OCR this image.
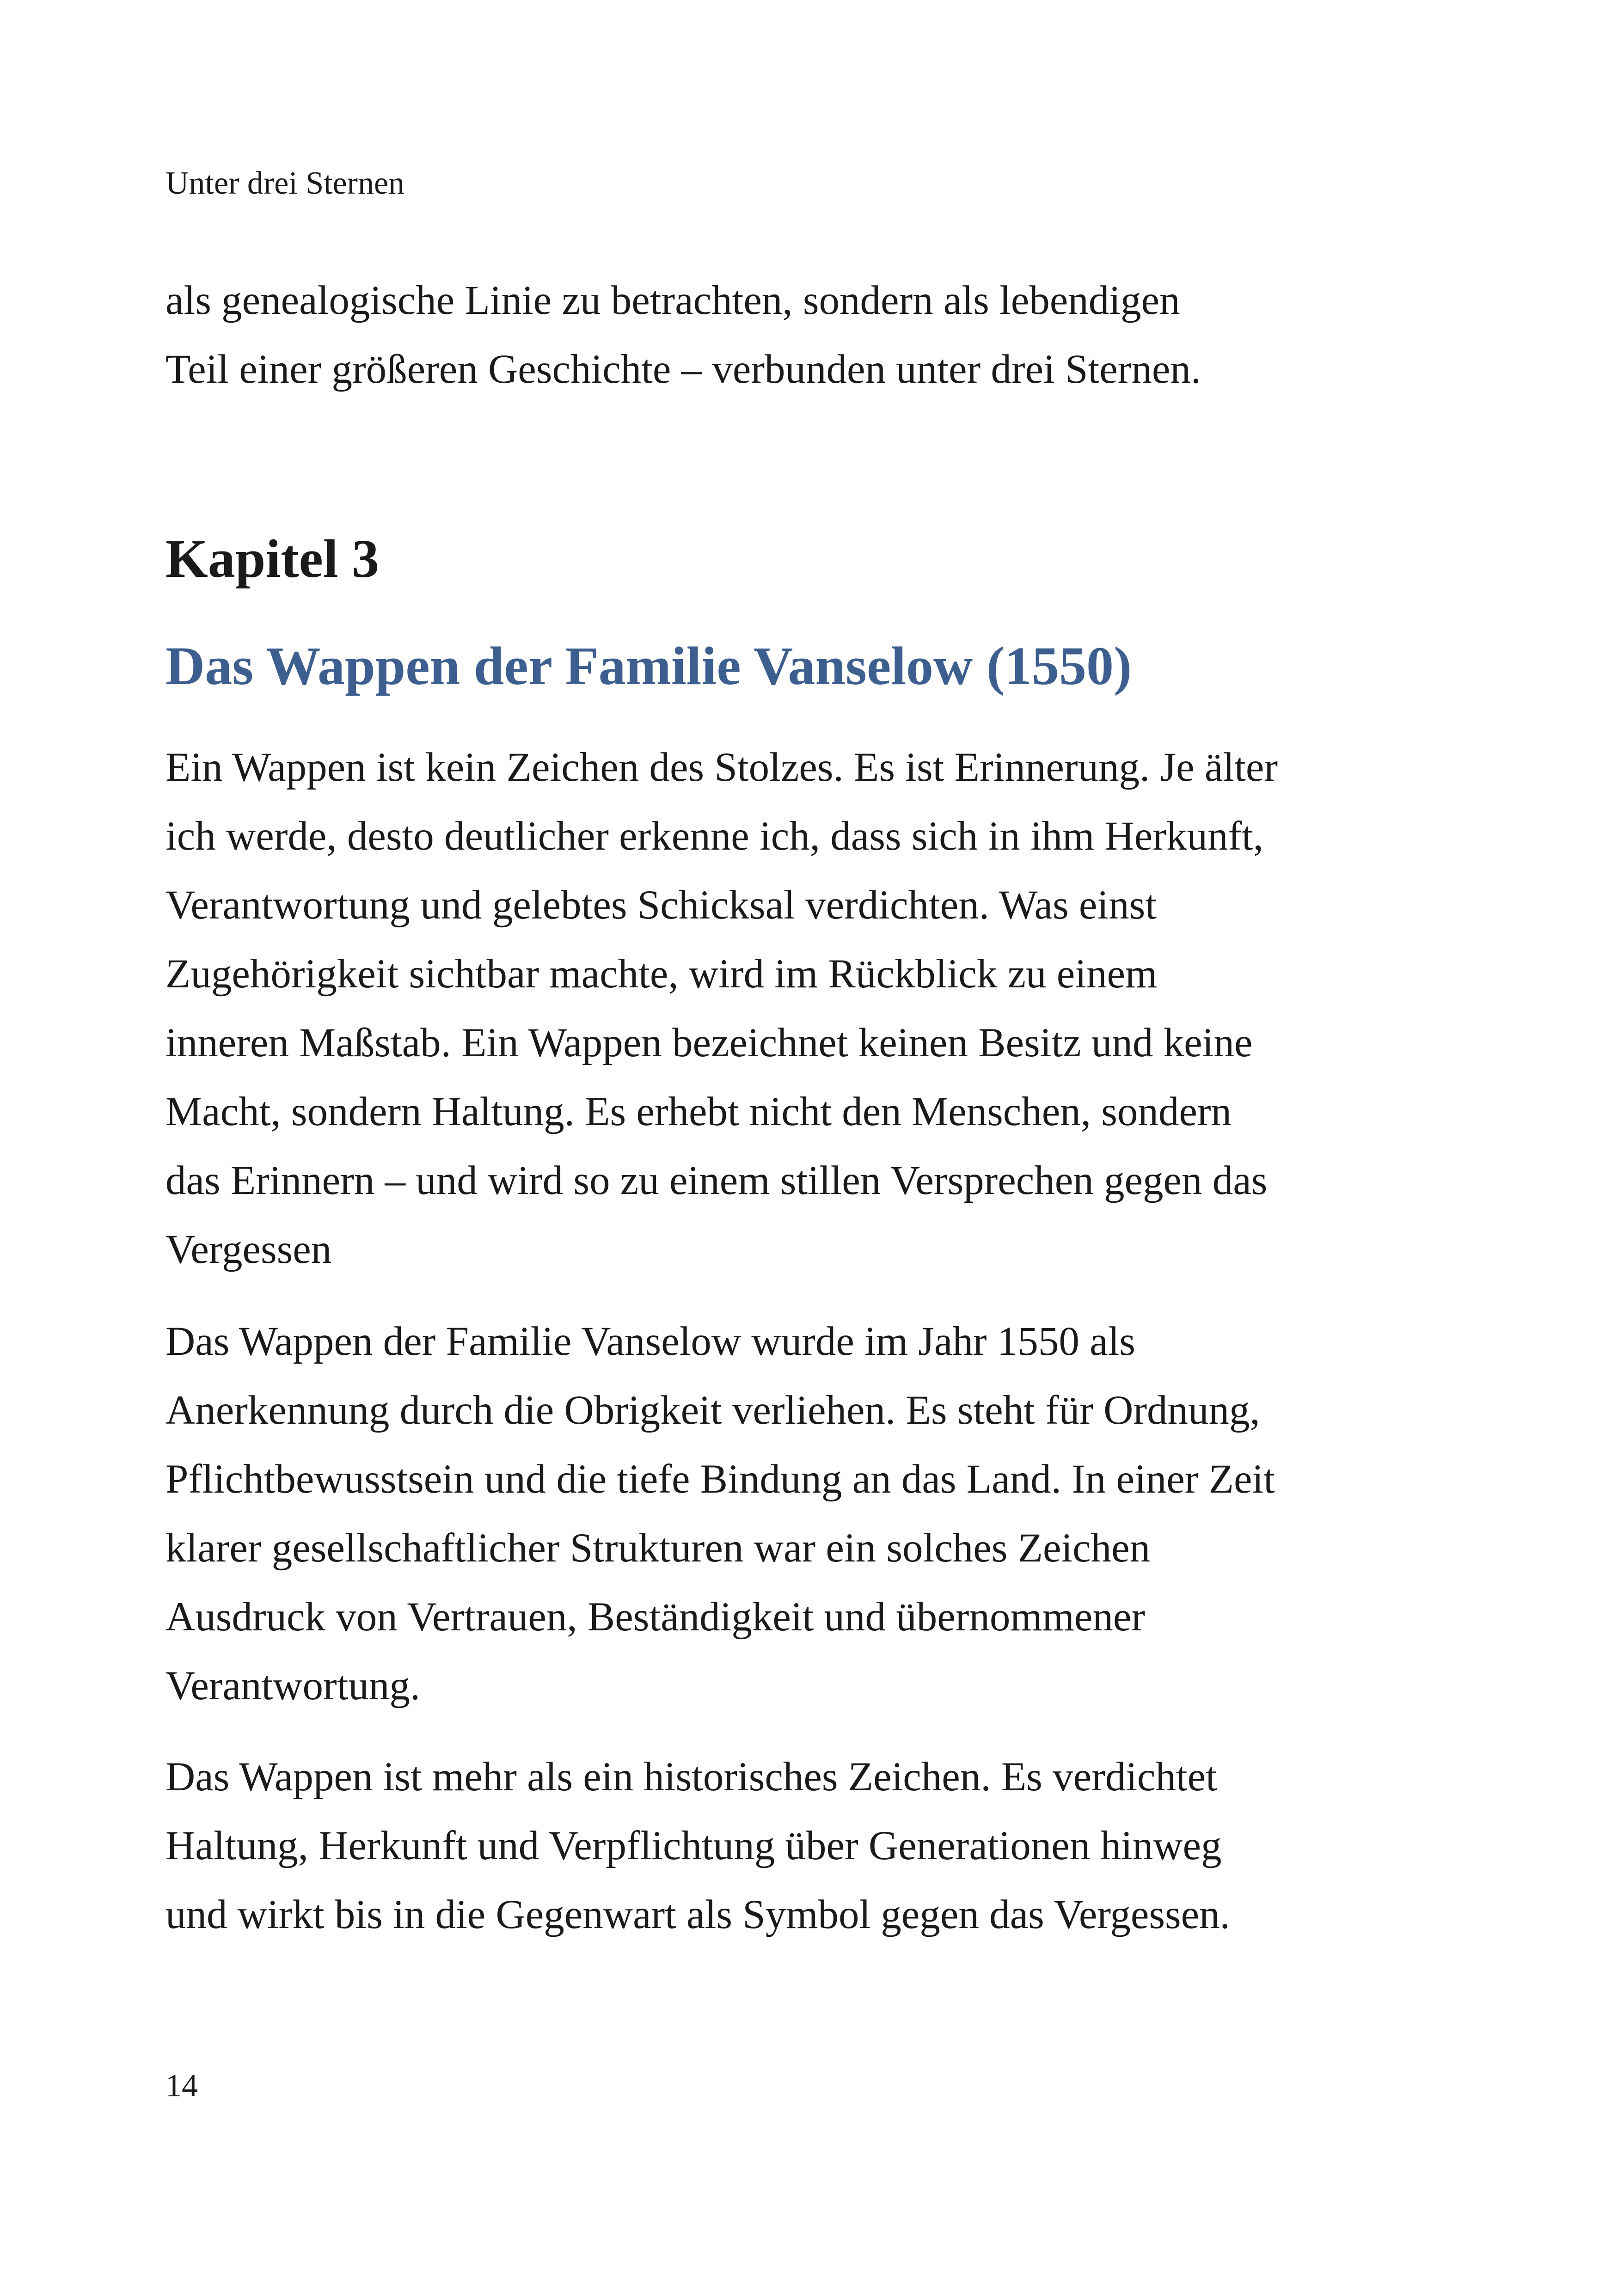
Unter drei Sternen
als genealogische Linie zu betrachten, sondern als lebendigen
Teil einer größeren Geschichte – verbunden unter drei Sternen.
Kapitel 3
Das Wappen der Familie Vanselow (1550)
Ein Wappen ist kein Zeichen des Stolzes. Es ist Erinnerung. Je älter
ich werde, desto deutlicher erkenne ich, dass sich in ihm Herkunft,
Verantwortung und gelebtes Schicksal verdichten. Was einst
Zugehörigkeit sichtbar machte, wird im Rückblick zu einem
inneren Maßstab. Ein Wappen bezeichnet keinen Besitz und keine
Macht, sondern Haltung. Es erhebt nicht den Menschen, sondern
das Erinnern – und wird so zu einem stillen Versprechen gegen das
Vergessen
Das Wappen der Familie Vanselow wurde im Jahr 1550 als
Anerkennung durch die Obrigkeit verliehen. Es steht für Ordnung,
Pflichtbewusstsein und die tiefe Bindung an das Land. In einer Zeit
klarer gesellschaftlicher Strukturen war ein solches Zeichen
Ausdruck von Vertrauen, Beständigkeit und übernommener
Verantwortung.
Das Wappen ist mehr als ein historisches Zeichen. Es verdichtet
Haltung, Herkunft und Verpflichtung über Generationen hinweg
und wirkt bis in die Gegenwart als Symbol gegen das Vergessen.
14
